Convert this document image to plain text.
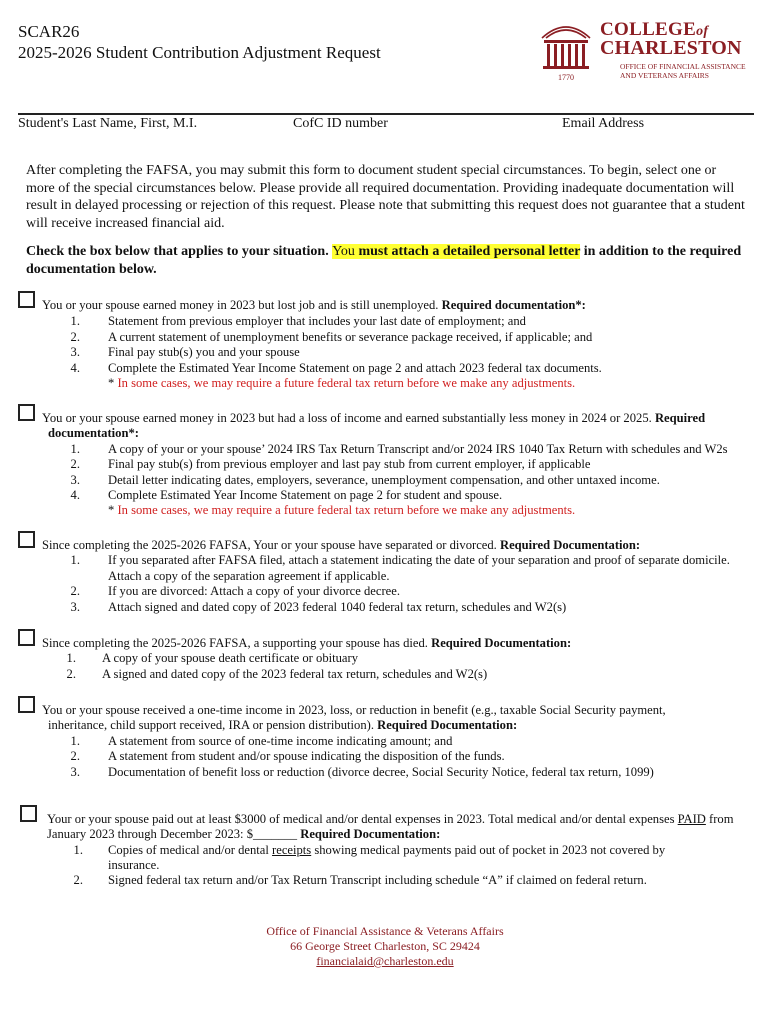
SCAR26
2025-2026 Student Contribution Adjustment Request
1770
COLLEGEof
CHARLESTON
OFFICE OF FINANCIAL ASSISTANCE
AND VETERANS AFFAIRS
Student's Last Name, First, M.I.	CofC ID number	Email Address
After completing the FAFSA, you may submit this form to document student special circumstances. To begin, select one or more of the special circumstances below. Please provide all required documentation. Providing inadequate documentation will result in delayed processing or rejection of this request. Please note that submitting this request does not guarantee that a student will receive increased financial aid.
Check the box below that applies to your situation. You must attach a detailed personal letter in addition to the required documentation below.
You or your spouse earned money in 2023 but lost job and is still unemployed. Required documentation*:
1. Statement from previous employer that includes your last date of employment; and
2. A current statement of unemployment benefits or severance package received, if applicable; and
3. Final pay stub(s) you and your spouse
4. Complete the Estimated Year Income Statement on page 2 and attach 2023 federal tax documents.
* In some cases, we may require a future federal tax return before we make any adjustments.
You or your spouse earned money in 2023 but had a loss of income and earned substantially less money in 2024 or 2025. Required
documentation*:
1. A copy of your or your spouse’ 2024 IRS Tax Return Transcript and/or 2024 IRS 1040 Tax Return with schedules and W2s
2. Final pay stub(s) from previous employer and last pay stub from current employer, if applicable
3. Detail letter indicating dates, employers, severance, unemployment compensation, and other untaxed income.
4. Complete Estimated Year Income Statement on page 2 for student and spouse.
* In some cases, we may require a future federal tax return before we make any adjustments.
Since completing the 2025-2026 FAFSA, Your or your spouse have separated or divorced. Required Documentation:
1. If you separated after FAFSA filed, attach a statement indicating the date of your separation and proof of separate domicile.
Attach a copy of the separation agreement if applicable.
2. If you are divorced: Attach a copy of your divorce decree.
3. Attach signed and dated copy of 2023 federal 1040 federal tax return, schedules and W2(s)
Since completing the 2025-2026 FAFSA, a supporting your spouse has died. Required Documentation:
1. A copy of your spouse death certificate or obituary
2. A signed and dated copy of the 2023 federal tax return, schedules and W2(s)
You or your spouse received a one-time income in 2023, loss, or reduction in benefit (e.g., taxable Social Security payment,
inheritance, child support received, IRA or pension distribution). Required Documentation:
1. A statement from source of one-time income indicating amount; and
2. A statement from student and/or spouse indicating the disposition of the funds.
3. Documentation of benefit loss or reduction (divorce decree, Social Security Notice, federal tax return, 1099)
Your or your spouse paid out at least $3000 of medical and/or dental expenses in 2023. Total medical and/or dental expenses PAID from
January 2023 through December 2023: $_______ Required Documentation:
1. Copies of medical and/or dental receipts showing medical payments paid out of pocket in 2023 not covered by
insurance.
2. Signed federal tax return and/or Tax Return Transcript including schedule “A” if claimed on federal return.
Office of Financial Assistance & Veterans Affairs
66 George Street Charleston, SC 29424
financialaid@charleston.edu
